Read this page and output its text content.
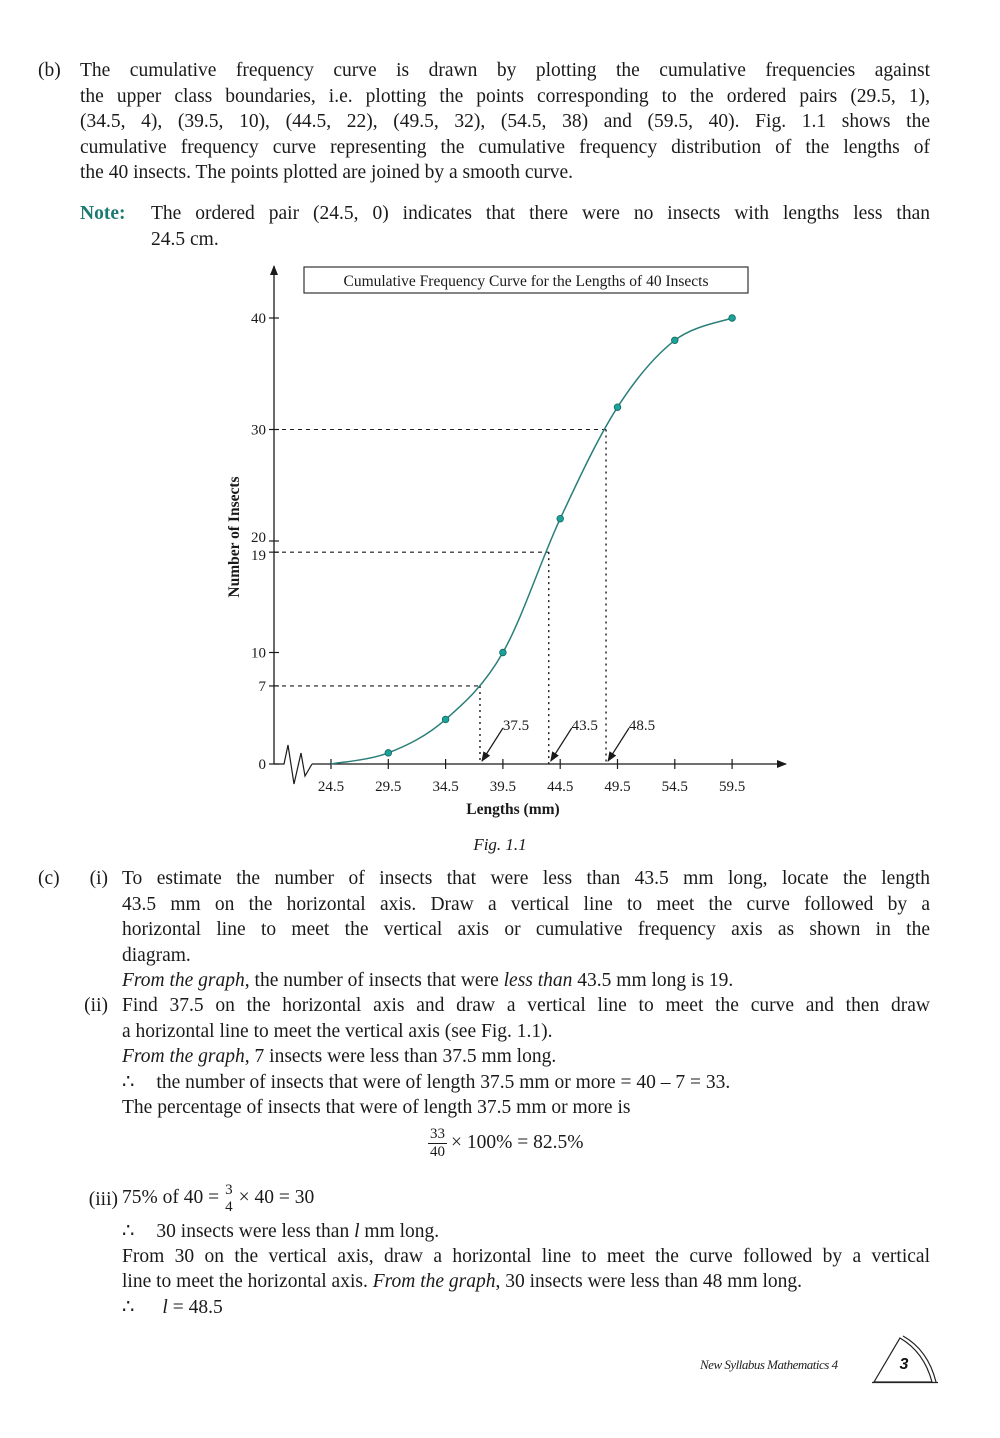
(b) The cumulative frequency curve is drawn by plotting the cumulative frequencies against
the upper class boundaries, i.e. plotting the points corresponding to the ordered pairs (29.5, 1),
(34.5, 4), (39.5, 10), (44.5, 22), (49.5, 32), (54.5, 38) and (59.5, 40). Fig. 1.1 shows the
cumulative frequency curve representing the cumulative frequency distribution of the lengths of
the 40 insects. The points plotted are joined by a smooth curve.
Note: The ordered pair (24.5, 0) indicates that there were no insects with lengths less than
24.5 cm.
24.5 29.5 34.5 39.5 44.5 49.5 54.5 59.5
0
7
10
19
20
30
40
37.5	43.5 48.5
Cumulative Frequency Curve for the Lengths of 40 Insects
Lengths (mm)
Number of Insects
Fig. 1.1
(c)	(i) To estimate the number of insects that were less than 43.5 mm long, locate the length
43.5 mm on the horizontal axis. Draw a vertical line to meet the curve followed by a
horizontal line to meet the vertical axis or cumulative frequency axis as shown in the
diagram.
From the graph, the number of insects that were less than 43.5 mm long is 19.
(ii) Find 37.5 on the horizontal axis and draw a vertical line to meet the curve and then draw
a horizontal line to meet the vertical axis (see Fig. 1.1).
From the graph, 7 insects were less than 37.5 mm long.
∴ the number of insects that were of length 37.5 mm or more = 40 – 7 = 33.
The percentage of insects that were of length 37.5 mm or more is
$\frac{33}{40} \times 100\% = 82.5\%$
(iii) 75% of 40 = 3
4 × 40 = 30
∴ 30 insects were less than l mm long.
From 30 on the vertical axis, draw a horizontal line to meet the curve followed by a vertical
line to meet the horizontal axis. From the graph, 30 insects were less than 48 mm long.
∴ l = 48.5
New Syllabus Mathematics 4	3
